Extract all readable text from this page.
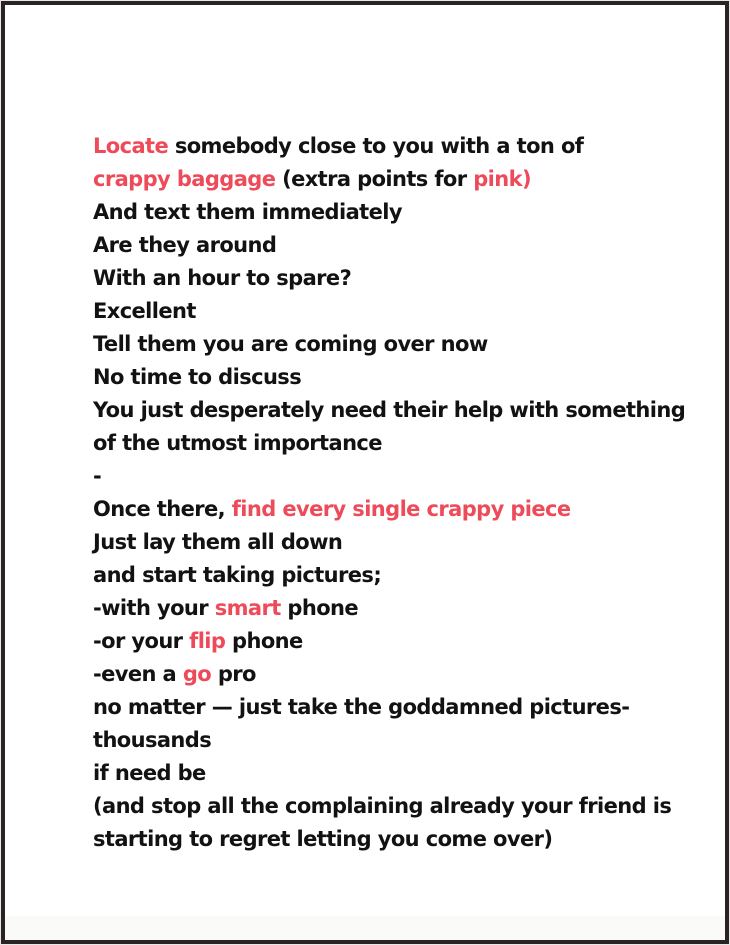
Locate somebody close to you with a ton of
crappy baggage (extra points for pink)
And text them immediately
Are they around
With an hour to spare?
Excellent
Tell them you are coming over now
No time to discuss
You just desperately need their help with something
of the utmost importance
-
Once there, find every single crappy piece
Just lay them all down
and start taking pictures;
-with your smart phone
-or your flip phone
-even a go pro
no matter — just take the goddamned pictures-
thousands
if need be
(and stop all the complaining already your friend is
starting to regret letting you come over)
